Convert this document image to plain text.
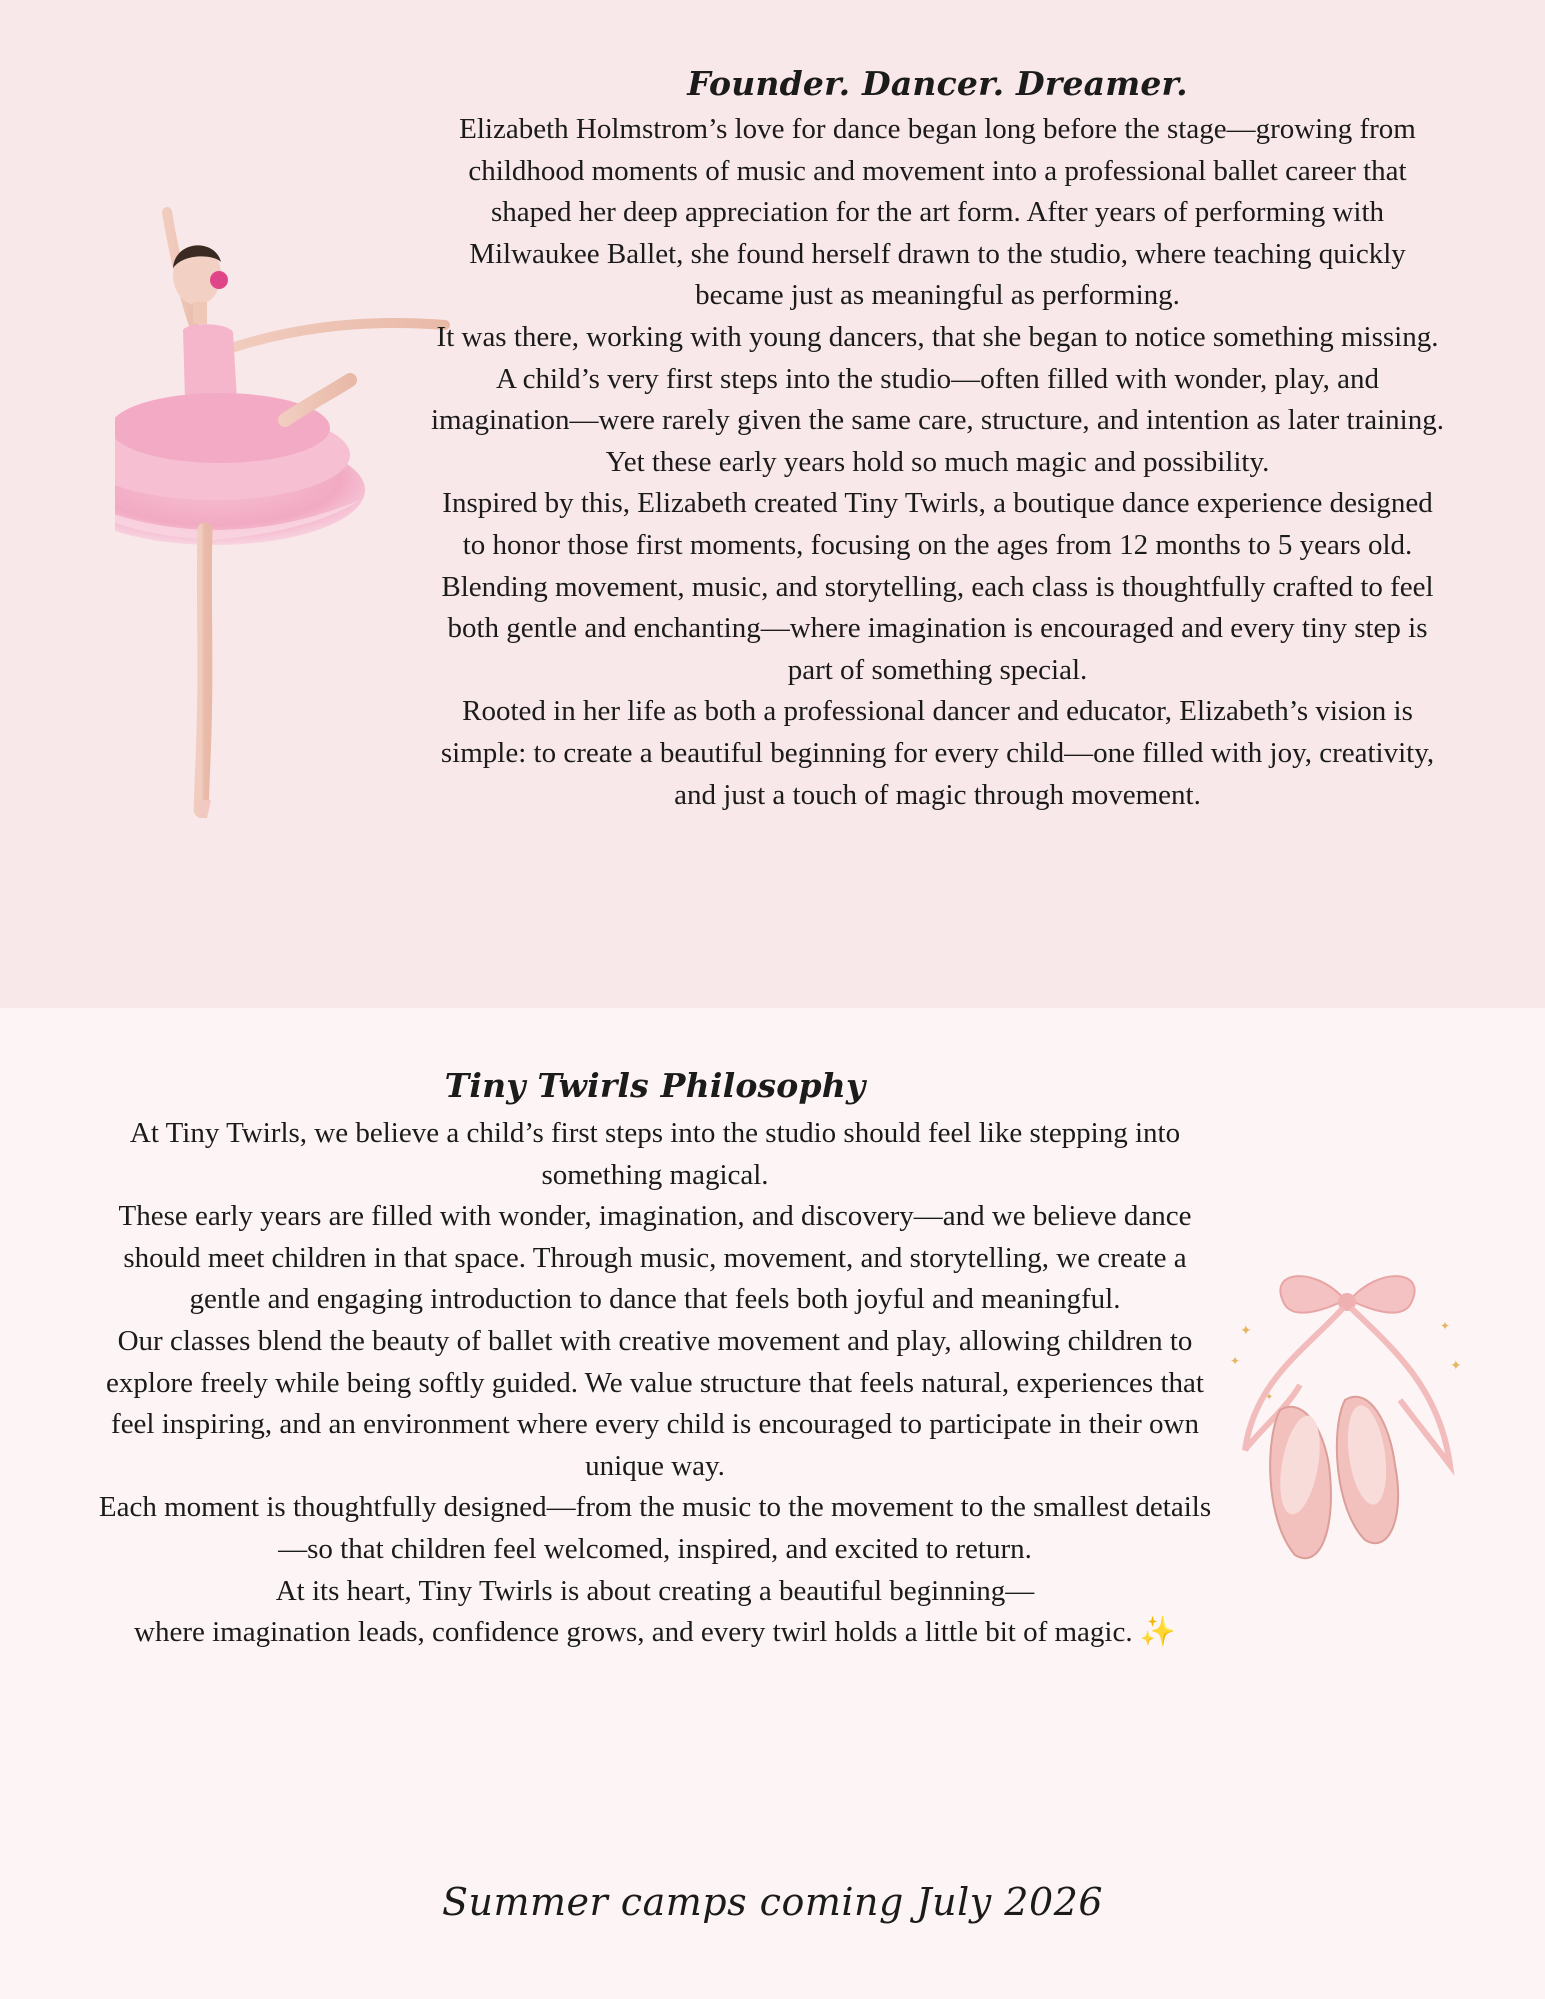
✦
✦
✦
✦
✦
Founder. Dancer. Dreamer.

Elizabeth Holmstrom’s love for dance began long before the stage—growing from childhood moments of music and movement into a professional ballet career that shaped her deep appreciation for the art form. After years of performing with Milwaukee Ballet, she found herself drawn to the studio, where teaching quickly became just as meaningful as performing.

It was there, working with young dancers, that she began to notice something missing. A child’s very first steps into the studio—often filled with wonder, play, and imagination—were rarely given the same care, structure, and intention as later training. Yet these early years hold so much magic and possibility.

Inspired by this, Elizabeth created Tiny Twirls, a boutique dance experience designed to honor those first moments, focusing on the ages from 12 months to 5 years old. Blending movement, music, and storytelling, each class is thoughtfully crafted to feel both gentle and enchanting—where imagination is encouraged and every tiny step is part of something special.

Rooted in her life as both a professional dancer and educator, Elizabeth’s vision is simple: to create a beautiful beginning for every child—one filled with joy, creativity, and just a touch of magic through movement.

Tiny Twirls Philosophy

At Tiny Twirls, we believe a child’s first steps into the studio should feel like stepping into something magical.

These early years are filled with wonder, imagination, and discovery—and we believe dance should meet children in that space. Through music, movement, and storytelling, we create a gentle and engaging introduction to dance that feels both joyful and meaningful.

Our classes blend the beauty of ballet with creative movement and play, allowing children to explore freely while being softly guided. We value structure that feels natural, experiences that feel inspiring, and an environment where every child is encouraged to participate in their own unique way.

Each moment is thoughtfully designed—from the music to the movement to the smallest details—so that children feel welcomed, inspired, and excited to return.

At its heart, Tiny Twirls is about creating a beautiful beginning—

where imagination leads, confidence grows, and every twirl holds a little bit of magic. ✨

Summer camps coming July 2026
